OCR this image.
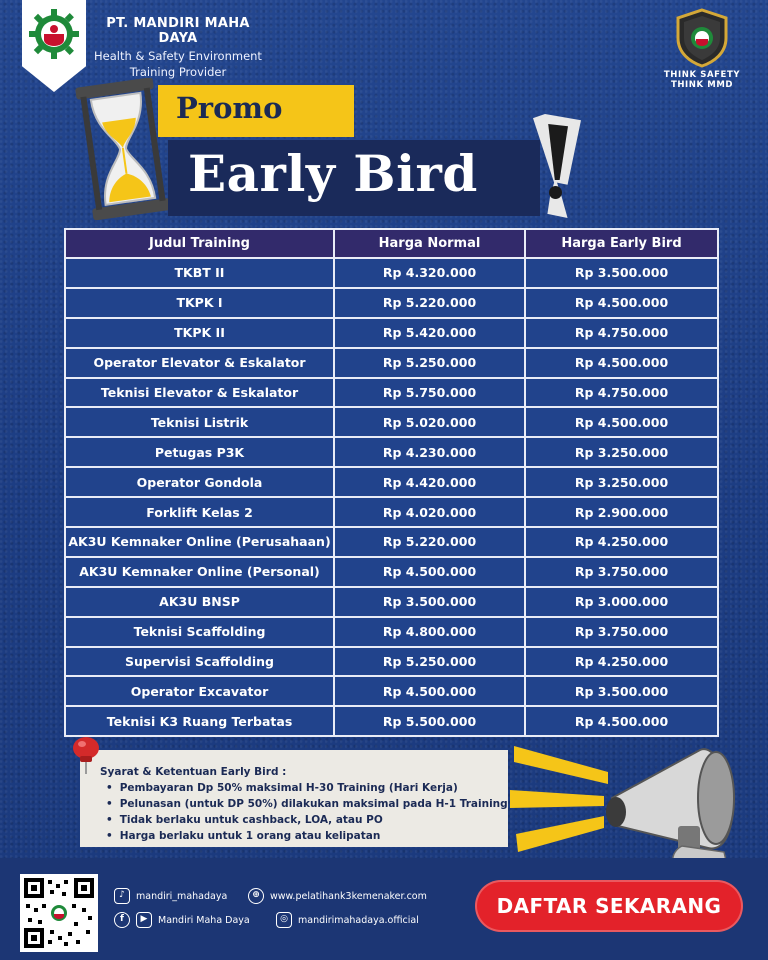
PT. MANDIRI MAHA DAYA
Health & Safety Environment
Training Provider	THINK SAFETY
THINK MMD
Promo
Early Bird
Judul Training	Harga Normal	Harga Early Bird
TKBT II	Rp 4.320.000	Rp 3.500.000
TKPK I	Rp 5.220.000	Rp 4.500.000
TKPK II	Rp 5.420.000	Rp 4.750.000
Operator Elevator & Eskalator	Rp 5.250.000	Rp 4.500.000
Teknisi Elevator & Eskalator	Rp 5.750.000	Rp 4.750.000
Teknisi Listrik	Rp 5.020.000	Rp 4.500.000
Petugas P3K	Rp 4.230.000	Rp 3.250.000
Operator Gondola	Rp 4.420.000	Rp 3.250.000
Forklift Kelas 2	Rp 4.020.000	Rp 2.900.000
AK3U Kemnaker Online (Perusahaan)	Rp 5.220.000	Rp 4.250.000
AK3U Kemnaker Online (Personal)	Rp 4.500.000	Rp 3.750.000
AK3U BNSP	Rp 3.500.000	Rp 3.000.000
Teknisi Scaffolding	Rp 4.800.000	Rp 3.750.000
Supervisi Scaffolding	Rp 5.250.000	Rp 4.250.000
Operator Excavator	Rp 4.500.000	Rp 3.500.000
Teknisi K3 Ruang Terbatas	Rp 5.500.000	Rp 4.500.000
Syarat & Ketentuan Early Bird :
• Pembayaran Dp 50% maksimal H-30 Training (Hari Kerja)
• Pelunasan (untuk DP 50%) dilakukan maksimal pada H-1 Training
• Tidak berlaku untuk cashback, LOA, atau PO
• Harga berlaku untuk 1 orang atau kelipatan
♪	mandiri_mahadaya	⊕	www.pelatihank3kemenaker.com
f	▶	Mandiri Maha Daya	◎	mandirimahadaya.official
DAFTAR SEKARANG
